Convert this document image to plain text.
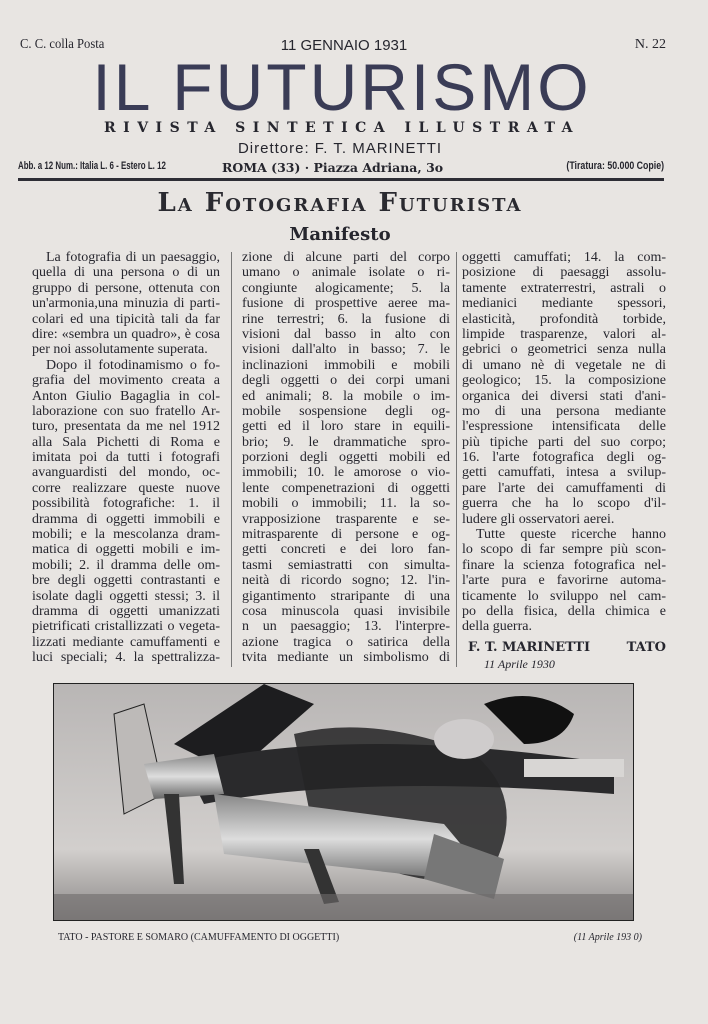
C. C. colla Posta	11 GENNAIO 1931	N. 22
IL FUTURISMO
RIVISTA SINTETICA ILLUSTRATA
Direttore: F. T. MARINETTI
Abb. a 12 Num.: Italia L. 6 - Estero L. 12	ROMA (33) · Piazza Adriana, 3o	(Tiratura: 50.000 Copie)
La Fotografia Futurista
Manifesto
La fotografia di un paesaggio,
quella di una persona o di un
gruppo di persone, ottenuta con
un'armonia,una minuzia di parti-
colari ed una tipicità tali da far
dire: «sembra un quadro», è cosa
per noi assolutamente superata.
Dopo il fotodinamismo o fo-
grafia del movimento creata a
Anton Giulio Bagaglia in col-
laborazione con suo fratello Ar-
turo, presentata da me nel 1912
alla Sala Pichetti di Roma e
imitata poi da tutti i fotografi
avanguardisti del mondo, oc-
corre realizzare queste nuove
possibilità fotografiche: 1. il
dramma di oggetti immobili e
mobili; e la mescolanza dram-
matica di oggetti mobili e im-
mobili; 2. il dramma delle om-
bre degli oggetti contrastanti e
isolate dagli oggetti stessi; 3. il
dramma di oggetti umanizzati
pietrificati cristallizzati o vegeta-
lizzati mediante camuffamenti e
luci speciali; 4. la spettralizza-
zione di alcune parti del corpo
umano o animale isolate o ri-
congiunte alogicamente; 5. la
fusione di prospettive aeree ma-
rine terrestri; 6. la fusione di
visioni dal basso in alto con
visioni dall'alto in basso; 7. le
inclinazioni immobili e mobili
degli oggetti o dei corpi umani
ed animali; 8. la mobile o im-
mobile sospensione degli og-
getti ed il loro stare in equili-
brio; 9. le drammatiche spro-
porzioni degli oggetti mobili ed
immobili; 10. le amorose o vio-
lente compenetrazioni di oggetti
mobili o immobili; 11. la so-
vrapposizione trasparente e se-
mitrasparente di persone e og-
getti concreti e dei loro fan-
tasmi semiastratti con simulta-
neità di ricordo sogno; 12. l'in-
gigantimento straripante di una
cosa minuscola quasi invisibile
n un paesaggio; 13. l'interpre-
azione tragica o satirica della
tvita mediante un simbolismo di
oggetti camuffati; 14. la com-
posizione di paesaggi assolu-
tamente extraterrestri, astrali o
medianici mediante spessori,
elasticità, profondità torbide,
limpide trasparenze, valori al-
gebrici o geometrici senza nulla
di umano nè di vegetale ne di
geologico; 15. la composizione
organica dei diversi stati d'ani-
mo di una persona mediante
l'espressione intensificata delle
più tipiche parti del suo corpo;
16. l'arte fotografica degli og-
getti camuffati, intesa a svilup-
pare l'arte dei camuffamenti di
guerra che ha lo scopo d'il-
ludere gli osservatori aerei.
Tutte queste ricerche hanno
lo scopo di far sempre più scon-
finare la scienza fotografica nel-
l'arte pura e favorirne automa-
ticamente lo sviluppo nel cam-
po della fisica, della chimica e
della guerra.
F. T. MARINETTI	TATO
11 Aprile 1930
TATO - PASTORE E SOMARO (CAMUFFAMENTO DI OGGETTI)	(11 Aprile 193 0)
